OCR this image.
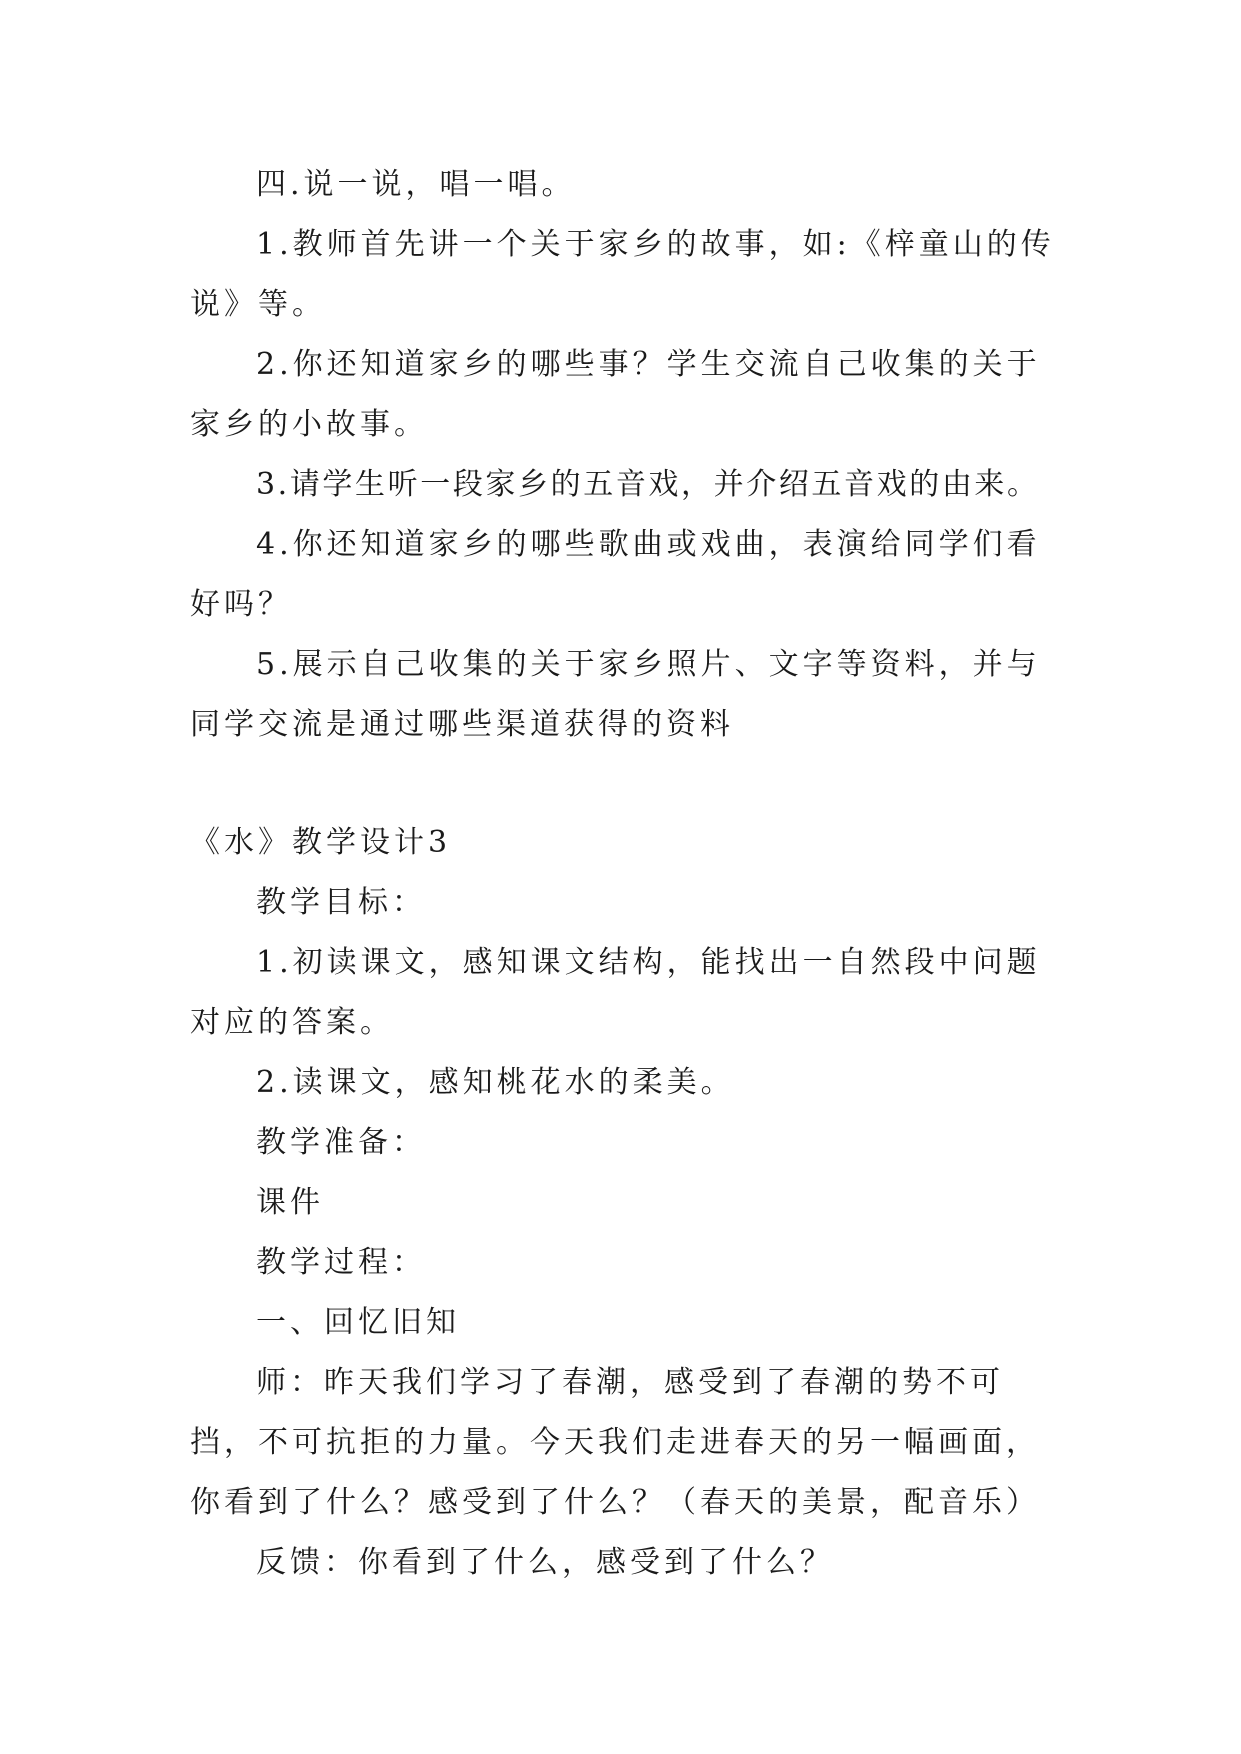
四.说一说，唱一唱。

1.教师首先讲一个关于家乡的故事，如:《梓童山的传说》等。

2.你还知道家乡的哪些事？学生交流自己收集的关于家乡的小故事。

3.请学生听一段家乡的五音戏，并介绍五音戏的由来。

4.你还知道家乡的哪些歌曲或戏曲，表演给同学们看好吗？

5.展示自己收集的关于家乡照片、文字等资料，并与同学交流是通过哪些渠道获得的资料

《水》教学设计3

教学目标：

1.初读课文，感知课文结构，能找出一自然段中问题对应的答案。

2.读课文，感知桃花水的柔美。

教学准备：

课件

教学过程：

一、回忆旧知

师：昨天我们学习了春潮，感受到了春潮的势不可挡，不可抗拒的力量。今天我们走进春天的另一幅画面，你看到了什么？感受到了什么？（春天的美景，配音乐）

反馈：你看到了什么，感受到了什么？
